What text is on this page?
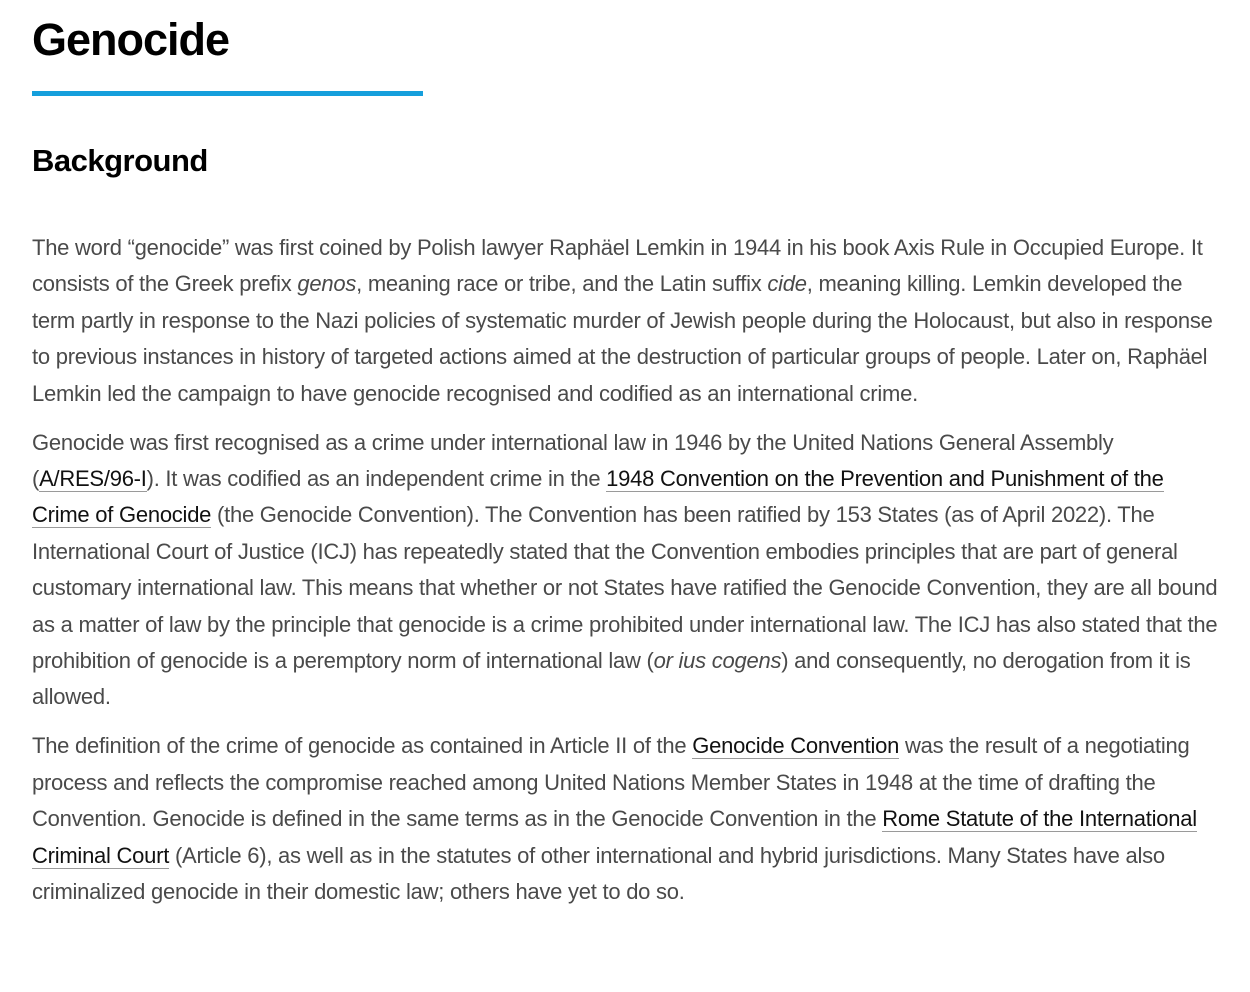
Genocide
Background

The word “genocide” was first coined by Polish lawyer Raphäel Lemkin in 1944 in his book Axis Rule in Occupied Europe. It consists of the Greek prefix genos, meaning race or tribe, and the Latin suffix cide, meaning killing. Lemkin developed the term partly in response to the Nazi policies of systematic murder of Jewish people during the Holocaust, but also in response to previous instances in history of targeted actions aimed at the destruction of particular groups of people. Later on, Raphäel Lemkin led the campaign to have genocide recognised and codified as an international crime.

Genocide was first recognised as a crime under international law in 1946 by the United Nations General Assembly (A/RES/96-I). It was codified as an independent crime in the 1948 Convention on the Prevention and Punishment of the Crime of Genocide (the Genocide Convention). The Convention has been ratified by 153 States (as of April 2022). The International Court of Justice (ICJ) has repeatedly stated that the Convention embodies principles that are part of general customary international law. This means that whether or not States have ratified the Genocide Convention, they are all bound as a matter of law by the principle that genocide is a crime prohibited under international law. The ICJ has also stated that the prohibition of genocide is a peremptory norm of international law (or ius cogens) and consequently, no derogation from it is allowed.

The definition of the crime of genocide as contained in Article II of the Genocide Convention was the result of a negotiating process and reflects the compromise reached among United Nations Member States in 1948 at the time of drafting the Convention. Genocide is defined in the same terms as in the Genocide Convention in the Rome Statute of the International Criminal Court (Article 6), as well as in the statutes of other international and hybrid jurisdictions. Many States have also criminalized genocide in their domestic law; others have yet to do so.
